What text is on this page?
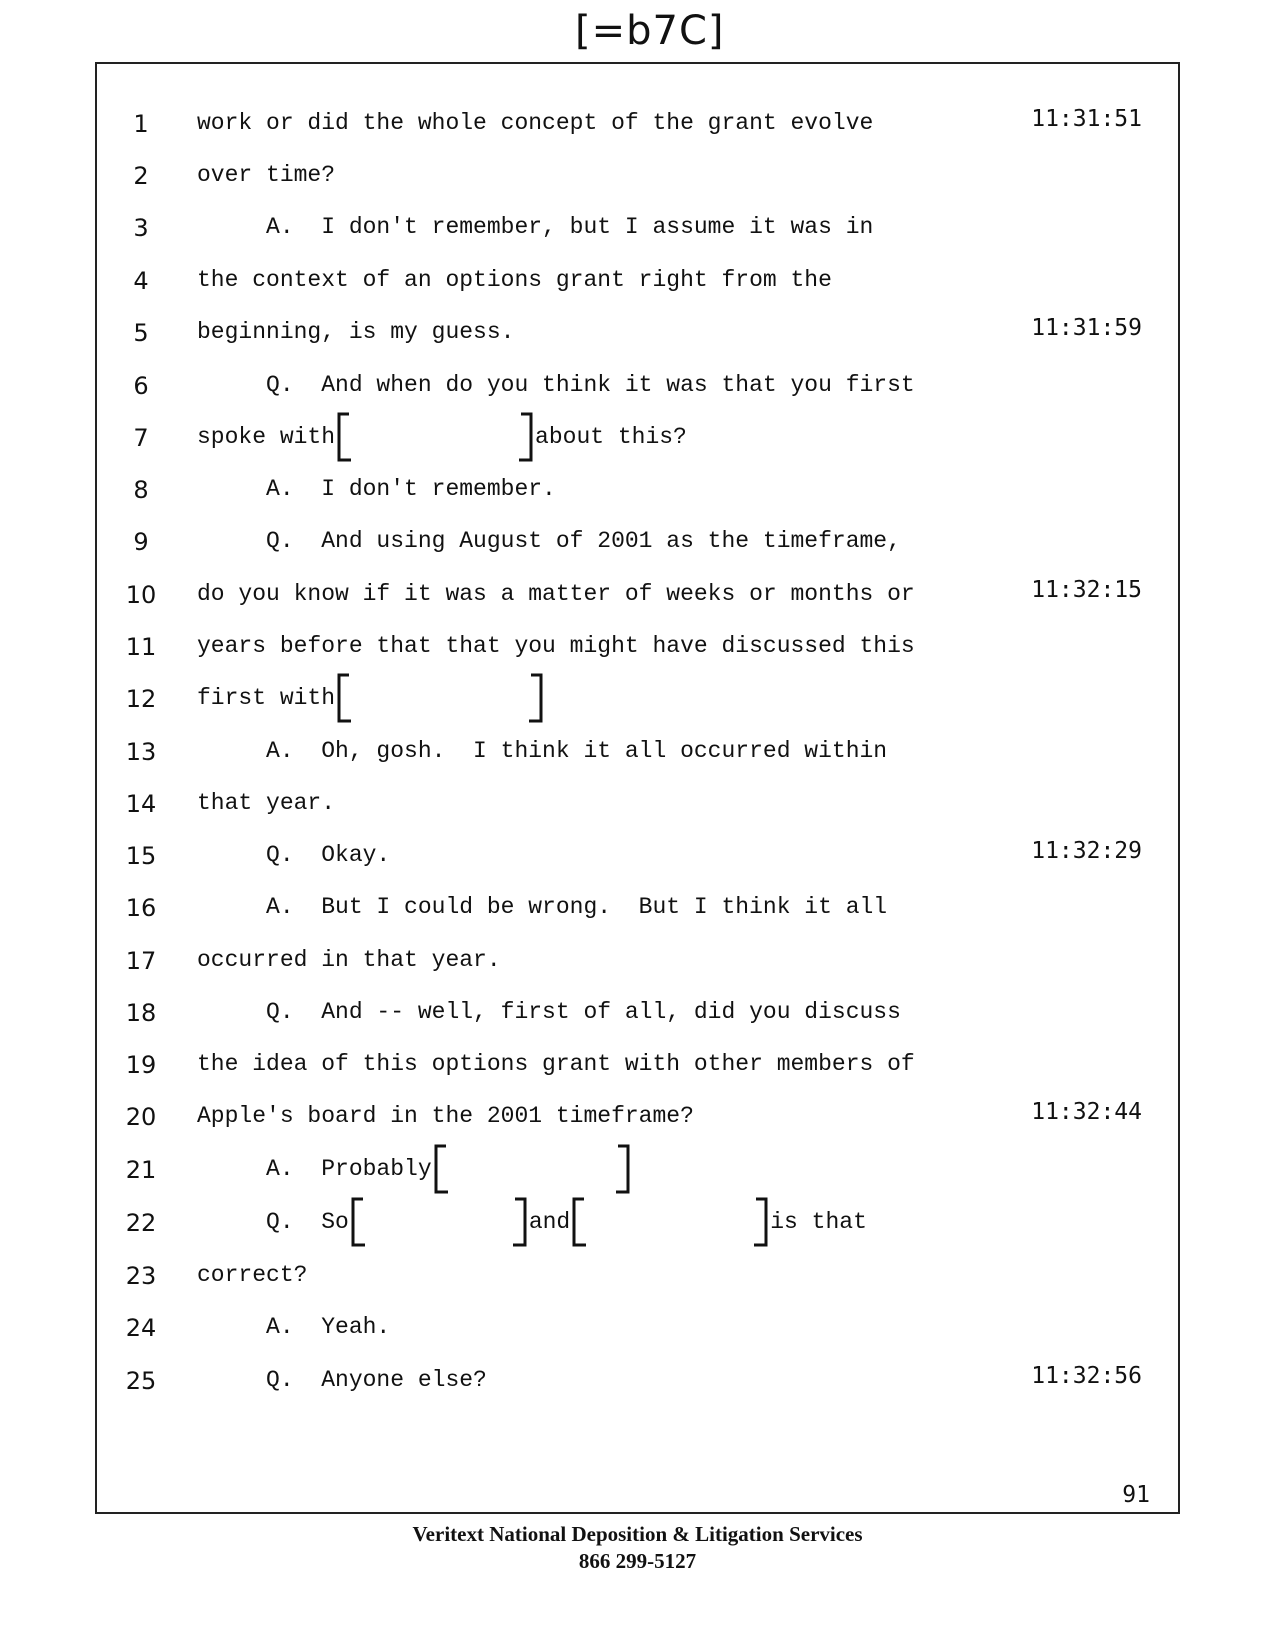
[=b7C]
1	work or did the whole concept of the grant evolve	11:31:51
2	over time?
3	A.  I don't remember, but I assume it was in
4	the context of an options grant right from the
5	beginning, is my guess.	11:31:59
6	Q.  And when do you think it was that you first
7	spoke with	about this?
8	A.  I don't remember.
9	Q.  And using August of 2001 as the timeframe,
10 do you know if it was a matter of weeks or months or	11:32:15
11 years before that that you might have discussed this
12 first with
13 A.  Oh, gosh.  I think it all occurred within
14 that year.
15 Q.  Okay.	11:32:29
16 A.  But I could be wrong.  But I think it all
17 occurred in that year.
18 Q.  And -- well, first of all, did you discuss
19 the idea of this options grant with other members of
20 Apple's board in the 2001 timeframe?	11:32:44
21 A.  Probably
22 Q.  So	and	is that
23 correct?
24 A.  Yeah.
25 Q.  Anyone else?	11:32:56
91
Veritext National Deposition & Litigation Services
866 299-5127
